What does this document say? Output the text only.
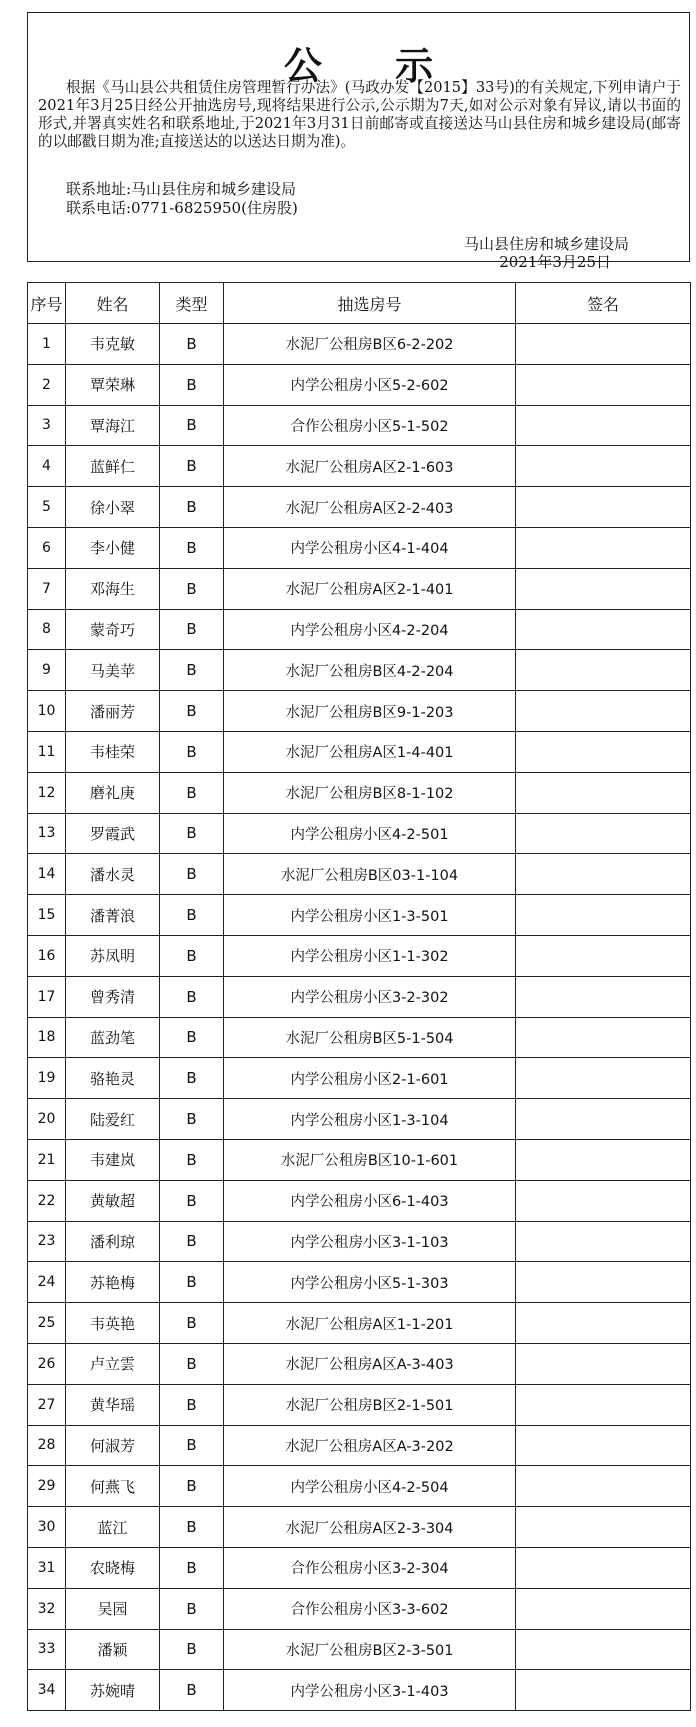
公 示
根据《马山县公共租赁住房管理暂行办法》(马政办发【2015】33号)的有关规定,下列申请户于2021年3月25日经公开抽选房号,现将结果进行公示,公示期为7天,如对公示对象有异议,请以书面的形式,并署真实姓名和联系地址,于2021年3月31日前邮寄或直接送达马山县住房和城乡建设局(邮寄的以邮戳日期为准;直接送达的以送达日期为准)。
联系地址:马山县住房和城乡建设局
联系电话:0771-6825950(住房股)
马山县住房和城乡建设局
2021年3月25日
序号	姓名	类型	抽选房号	签名
1	韦克敏	B	水泥厂公租房B区6-2-202	
2	覃荣琳	B	内学公租房小区5-2-602	
3	覃海江	B	合作公租房小区5-1-502	
4	蓝鲜仁	B	水泥厂公租房A区2-1-603	
5	徐小翠	B	水泥厂公租房A区2-2-403	
6	李小健	B	内学公租房小区4-1-404	
7	邓海生	B	水泥厂公租房A区2-1-401	
8	蒙奇巧	B	内学公租房小区4-2-204	
9	马美苹	B	水泥厂公租房B区4-2-204	
10	潘丽芳	B	水泥厂公租房B区9-1-203	
11	韦桂荣	B	水泥厂公租房A区1-4-401	
12	磨礼庚	B	水泥厂公租房B区8-1-102	
13	罗霞武	B	内学公租房小区4-2-501	
14	潘水灵	B	水泥厂公租房B区03-1-104	
15	潘菁浪	B	内学公租房小区1-3-501	
16	苏凤明	B	内学公租房小区1-1-302	
17	曾秀清	B	内学公租房小区3-2-302	
18	蓝劲笔	B	水泥厂公租房B区5-1-504	
19	骆艳灵	B	内学公租房小区2-1-601	
20	陆爱红	B	内学公租房小区1-3-104	
21	韦建岚	B	水泥厂公租房B区10-1-601	
22	黄敏超	B	内学公租房小区6-1-403	
23	潘利琼	B	内学公租房小区3-1-103	
24	苏艳梅	B	内学公租房小区5-1-303	
25	韦英艳	B	水泥厂公租房A区1-1-201	
26	卢立雲	B	水泥厂公租房A区A-3-403	
27	黄华瑶	B	水泥厂公租房B区2-1-501	
28	何淑芳	B	水泥厂公租房A区A-3-202	
29	何燕飞	B	内学公租房小区4-2-504	
30	蓝江	B	水泥厂公租房A区2-3-304	
31	农晓梅	B	合作公租房小区3-2-304	
32	吴园	B	合作公租房小区3-3-602	
33	潘颖	B	水泥厂公租房B区2-3-501	
34	苏婉晴	B	内学公租房小区3-1-403	
